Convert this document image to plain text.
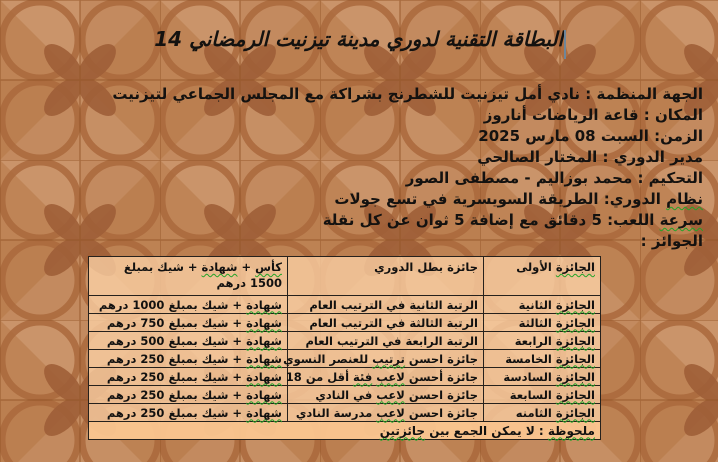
البطاقة التقنية لدوري مدينة تيزنيت الرمضاني 14
الجهة المنظمة : نادي أمل تيزنيت للشطرنج بشراكة مع المجلس الجماعي لتيزنيت
المكان : قاعة الرياضات أناروز
الزمن: السبت 08 مارس 2025
مدير الدوري : المختار الصالحي
التحكيم : محمد بوزاليم - مصطفى الصور
نظام الدوري: الطريقة السويسرية في تسع جولات
سرعة اللعب: 5 دقائق مع إضافة 5 ثوان عن كل نقلة
الجوائز :
الجائزة الأولى	جائزة بطل الدوري	كأس + شهادة + شيك بمبلغ 1500 درهم
الجائزة الثانية	الرتبة الثانية في الترتيب العام	شهادة + شيك بمبلغ 1000 درهم
الجائزة الثالثة	الرتبة الثالثة في الترتيب العام	شهادة + شيك بمبلغ 750 درهم
الجائزة الرابعة	الرتبة الرابعة في الترتيب العام	شهادة + شيك بمبلغ 500 درهم
الجائزة الخامسة	جائزة احسن ترتيب للعنصر النسوي	شهادة + شيك بمبلغ 250 درهم
الجائزة السادسة	جائزة أحسن لاعب فئة أقل من 18	شهادة + شيك بمبلغ 250 درهم
الجائزة السابعة	جائزة احسن لاعب في النادي	شهادة + شيك بمبلغ 250 درهم
الجائزة الثامنه	جائزة احسن لاعب مدرسة النادي	شهادة + شيك بمبلغ 250 درهم
ملحوظة : لا يمكن الجمع بين جائزتين		
